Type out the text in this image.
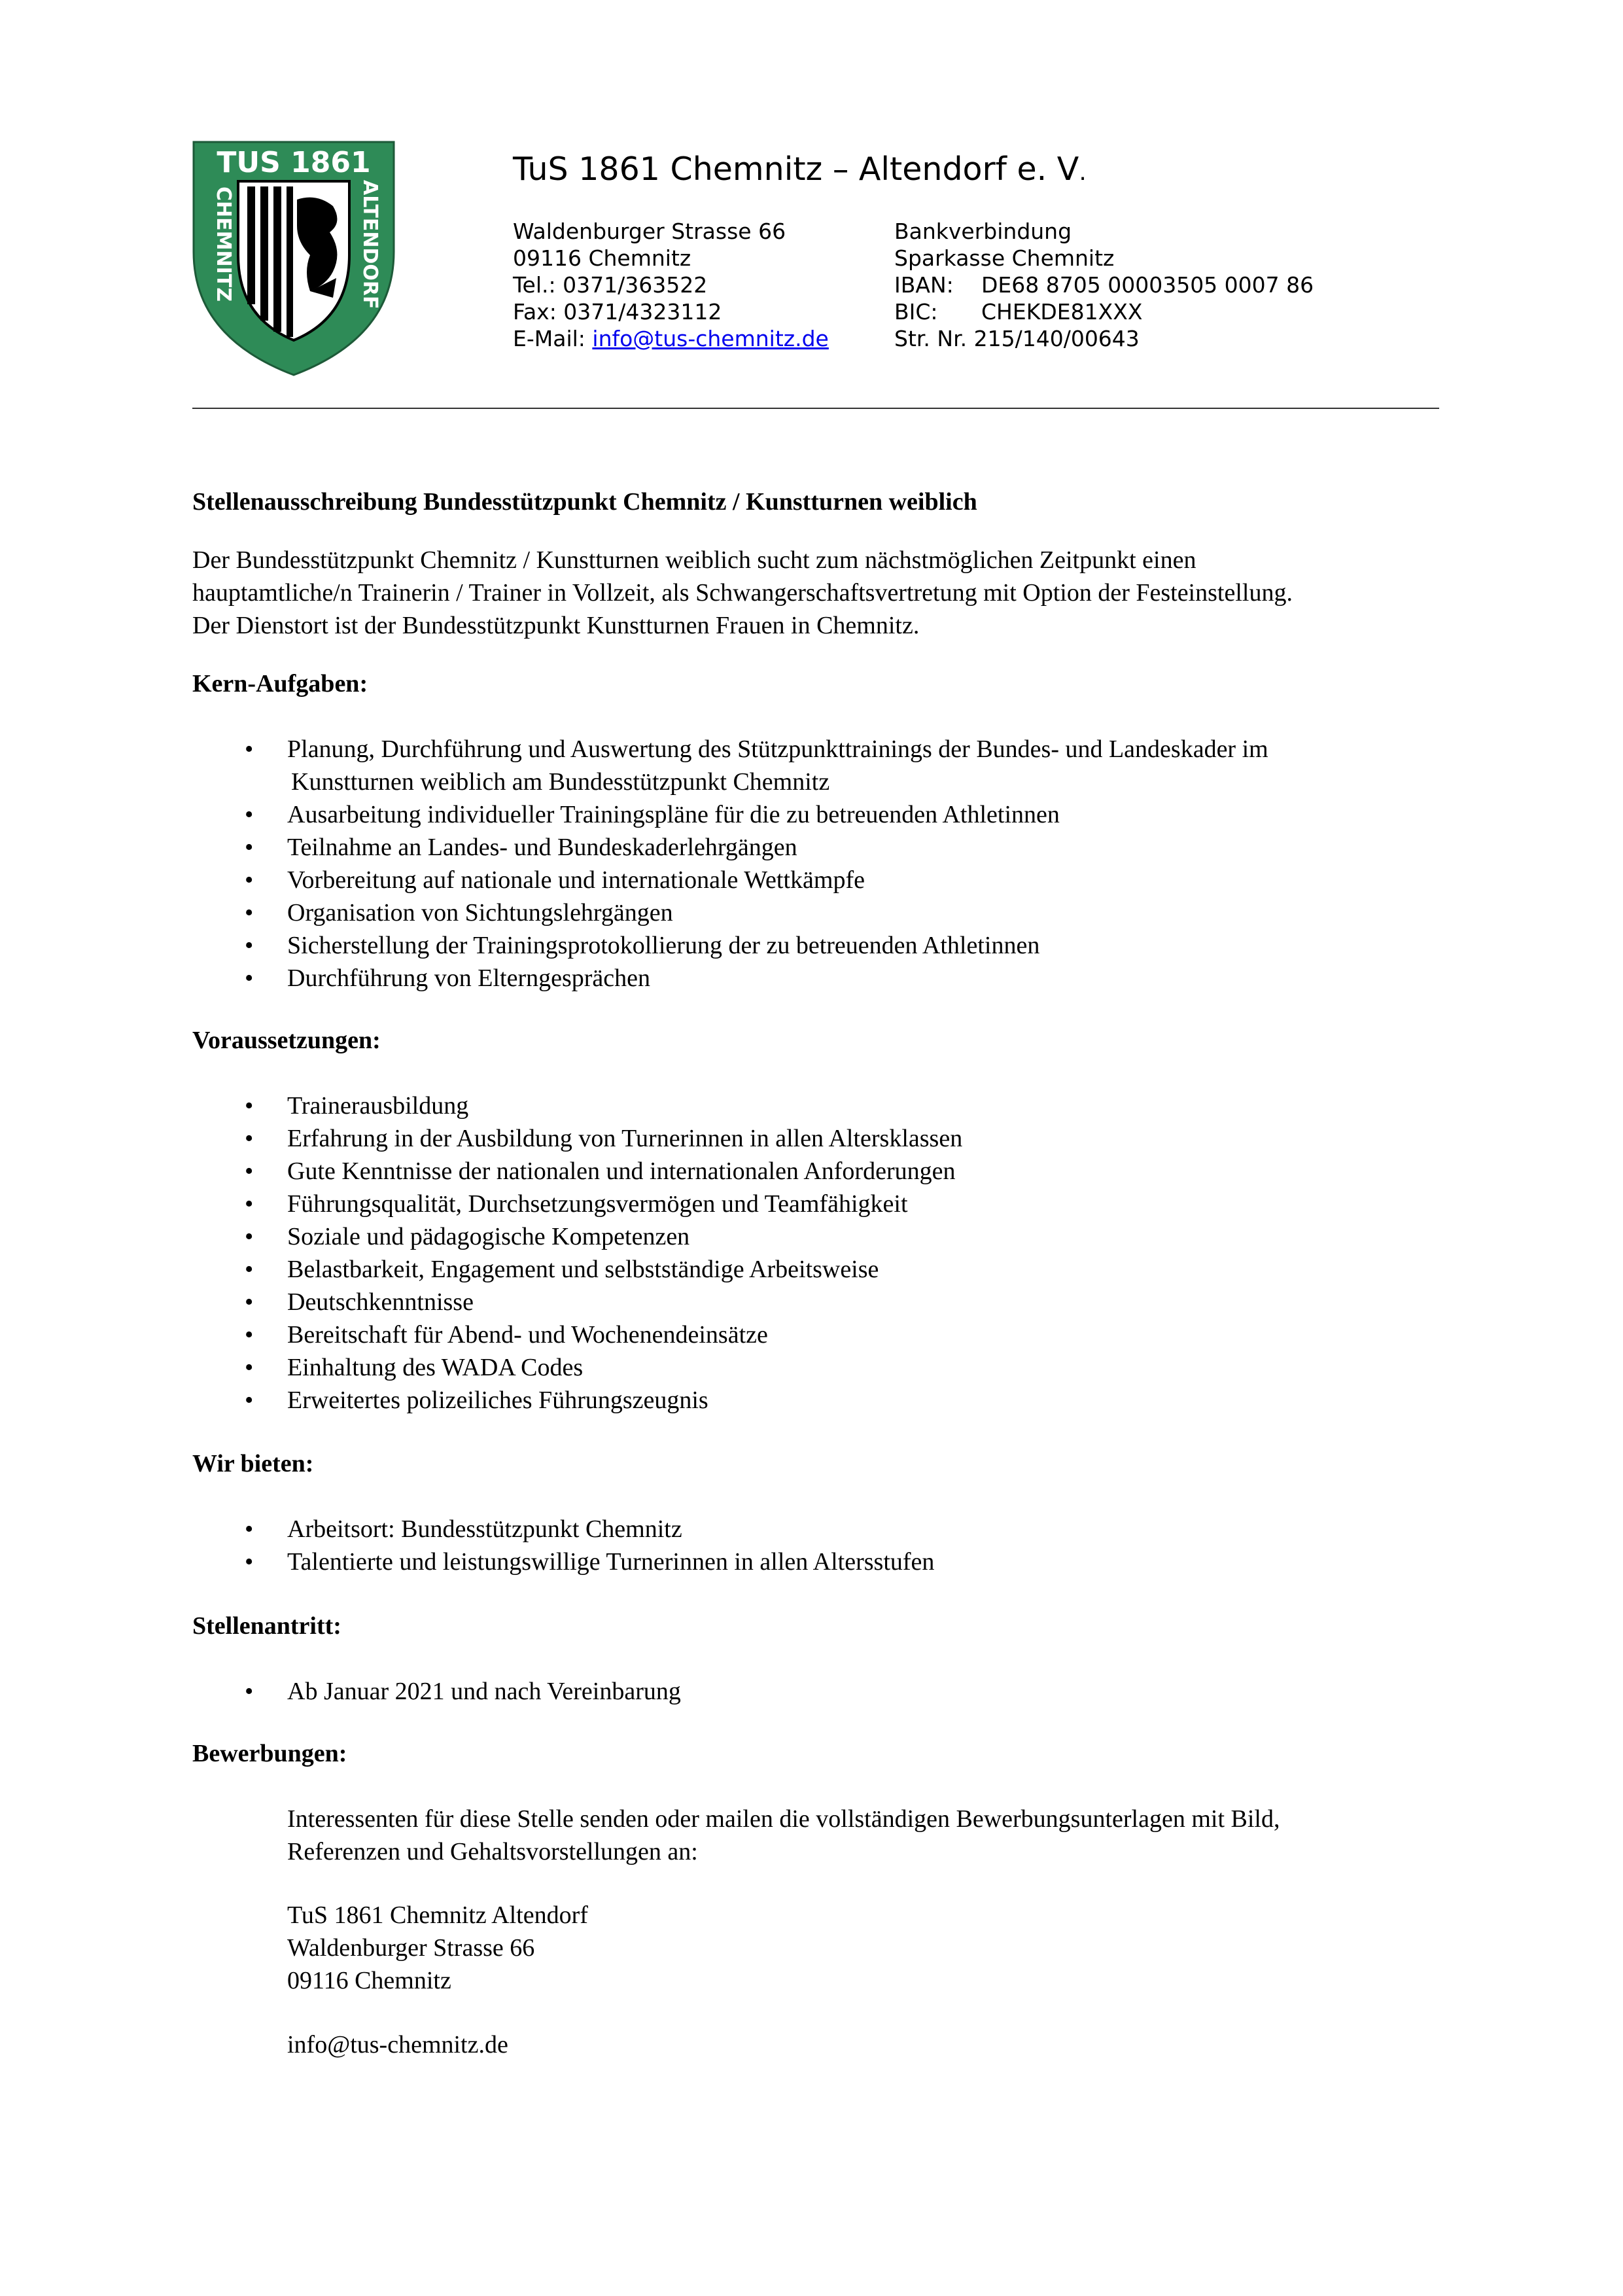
TUS 1861
CHEMNITZ	ALTENDORF
TuS 1861 Chemnitz – Altendorf e. V.
Waldenburger Strasse 66
09116 Chemnitz
Tel.: 0371/363522
Fax: 0371/4323112
E-Mail: info@tus-chemnitz.de
Bankverbindung
Sparkasse Chemnitz
IBAN: DE68 8705 00003505 0007 86
BIC: CHEKDE81XXX
Str. Nr. 215/140/00643
Stellenausschreibung Bundesstützpunkt Chemnitz / Kunstturnen weiblich

Der Bundesstützpunkt Chemnitz / Kunstturnen weiblich sucht zum nächstmöglichen Zeitpunkt einen
hauptamtliche/n Trainerin / Trainer in Vollzeit, als Schwangerschaftsvertretung mit Option der Festeinstellung.
Der Dienstort ist der Bundesstützpunkt Kunstturnen Frauen in Chemnitz.

Kern-Aufgaben:
• Planung, Durchführung und Auswertung des Stützpunkttrainings der Bundes- und Landeskader im
Kunstturnen weiblich am Bundesstützpunkt Chemnitz
• Ausarbeitung individueller Trainingspläne für die zu betreuenden Athletinnen
• Teilnahme an Landes- und Bundeskaderlehrgängen
• Vorbereitung auf nationale und internationale Wettkämpfe
• Organisation von Sichtungslehrgängen
• Sicherstellung der Trainingsprotokollierung der zu betreuenden Athletinnen
• Durchführung von Elterngesprächen
Voraussetzungen:
• Trainerausbildung
• Erfahrung in der Ausbildung von Turnerinnen in allen Altersklassen
• Gute Kenntnisse der nationalen und internationalen Anforderungen
• Führungsqualität, Durchsetzungsvermögen und Teamfähigkeit
• Soziale und pädagogische Kompetenzen
• Belastbarkeit, Engagement und selbstständige Arbeitsweise
• Deutschkenntnisse
• Bereitschaft für Abend- und Wochenendeinsätze
• Einhaltung des WADA Codes
• Erweitertes polizeiliches Führungszeugnis
Wir bieten:
• Arbeitsort: Bundesstützpunkt Chemnitz
• Talentierte und leistungswillige Turnerinnen in allen Altersstufen
Stellenantritt:
• Ab Januar 2021 und nach Vereinbarung
Bewerbungen:

Interessenten für diese Stelle senden oder mailen die vollständigen Bewerbungsunterlagen mit Bild,
Referenzen und Gehaltsvorstellungen an:

TuS 1861 Chemnitz Altendorf
Waldenburger Strasse 66
09116 Chemnitz

info@tus-chemnitz.de
